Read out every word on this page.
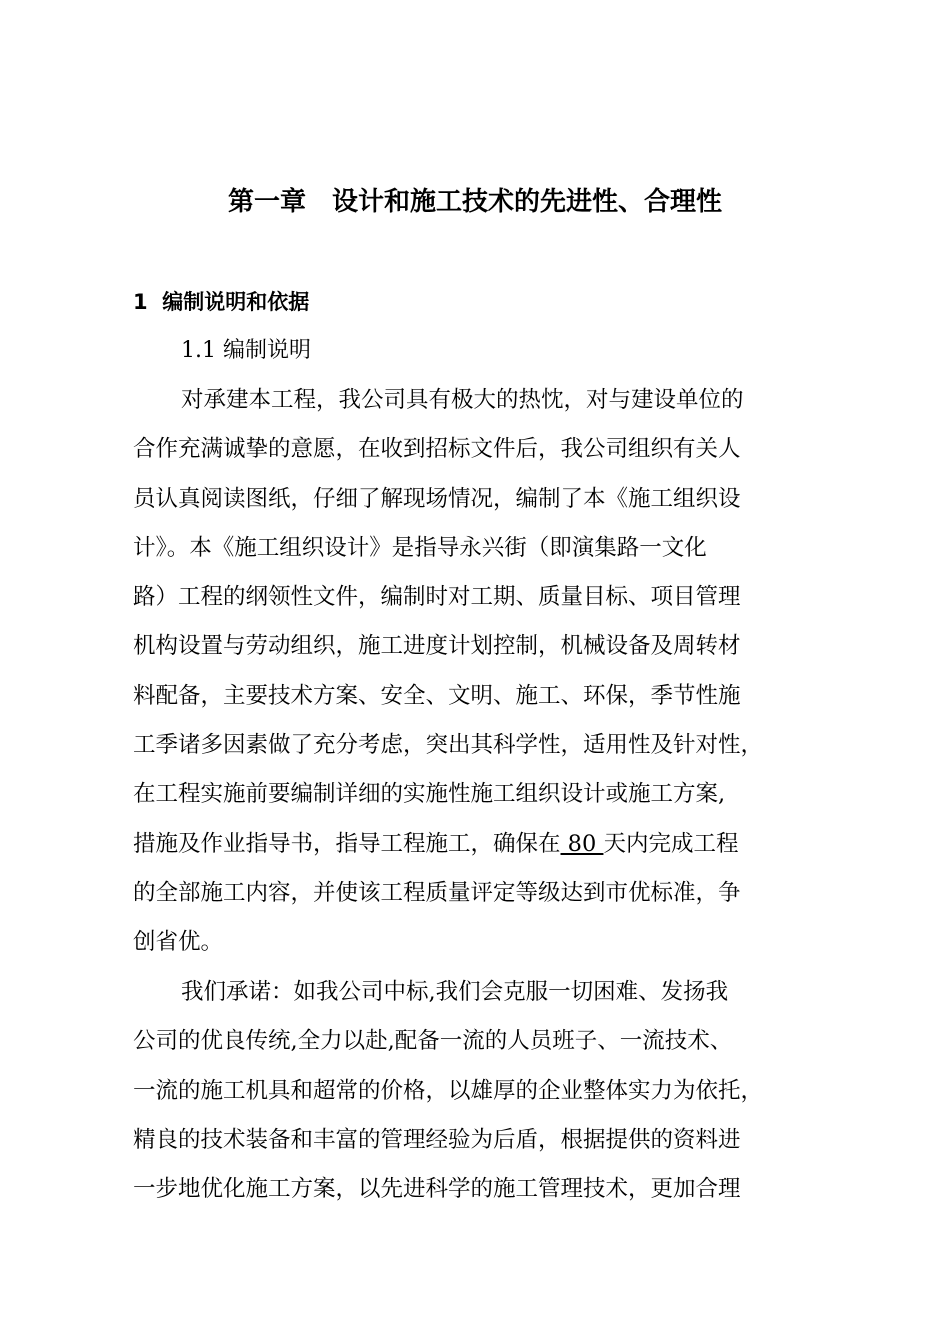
第一章　设计和施工技术的先进性、合理性
1  编制说明和依据
1.1 编制说明
对承建本工程，我公司具有极大的热忱，对与建设单位的
合作充满诚挚的意愿，在收到招标文件后，我公司组织有关人
员认真阅读图纸，仔细了解现场情况，编制了本《施工组织设
计》。本《施工组织设计》是指导永兴街（即演集路一文化
路）工程的纲领性文件，编制时对工期、质量目标、项目管理
机构设置与劳动组织，施工进度计划控制，机械设备及周转材
料配备，主要技术方案、安全、文明、施工、环保，季节性施
工季诸多因素做了充分考虑，突出其科学性，适用性及针对性，
在工程实施前要编制详细的实施性施工组织设计或施工方案,
措施及作业指导书，指导工程施工，确保在 80 天内完成工程
的全部施工内容，并使该工程质量评定等级达到市优标准，争
创省优。
我们承诺：如我公司中标,我们会克服一切困难、发扬我
公司的优良传统,全力以赴,配备一流的人员班子、一流技术、
一流的施工机具和超常的价格，以雄厚的企业整体实力为依托，
精良的技术装备和丰富的管理经验为后盾，根据提供的资料进
一步地优化施工方案，以先进科学的施工管理技术，更加合理
